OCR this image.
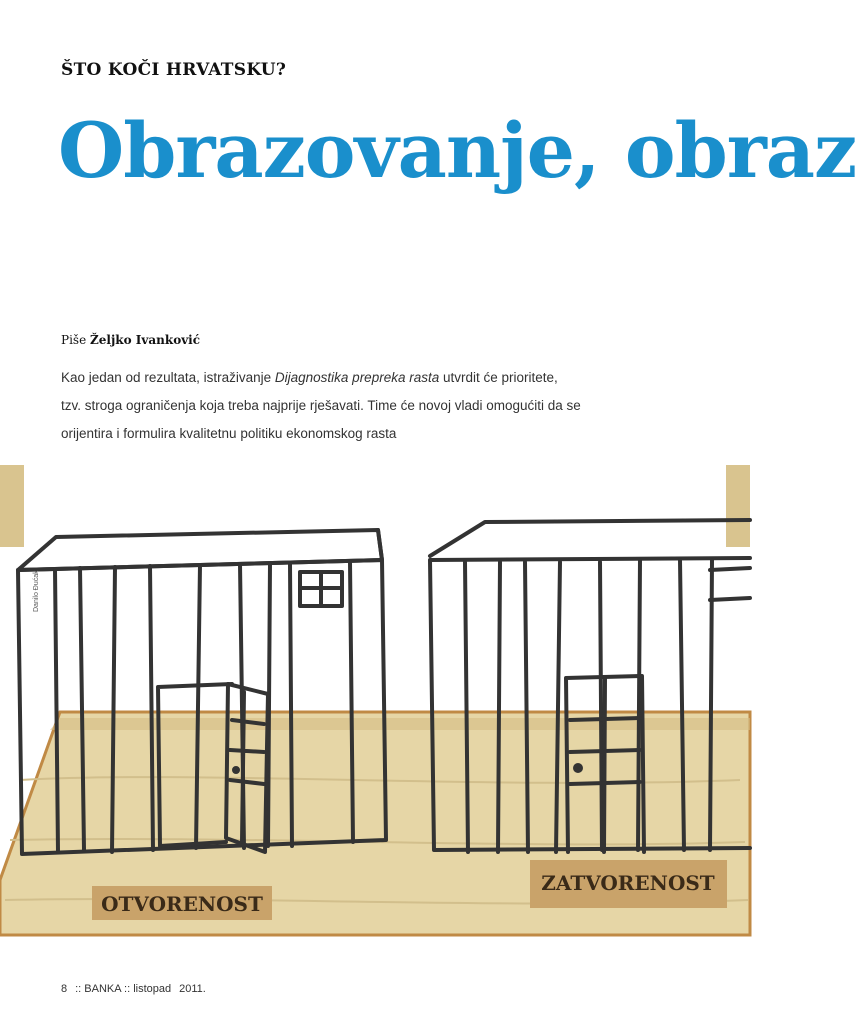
ŠTO KOČI HRVATSKU?
Obrazovanje, obraz
Piše Željko Ivanković
Kao jedan od rezultata, istraživanje Dijagnostika prepreka rasta utvrdit će prioritete, tzv. stroga ograničenja koja treba najprije rješavati. Time će novoj vladi omogućiti da se orijentira i formulira kvalitetnu politiku ekonomskog rasta
OTVORENOST
ZATVORENOST
Danilo Đućak
8 :: BANKA :: listopad 2011.
